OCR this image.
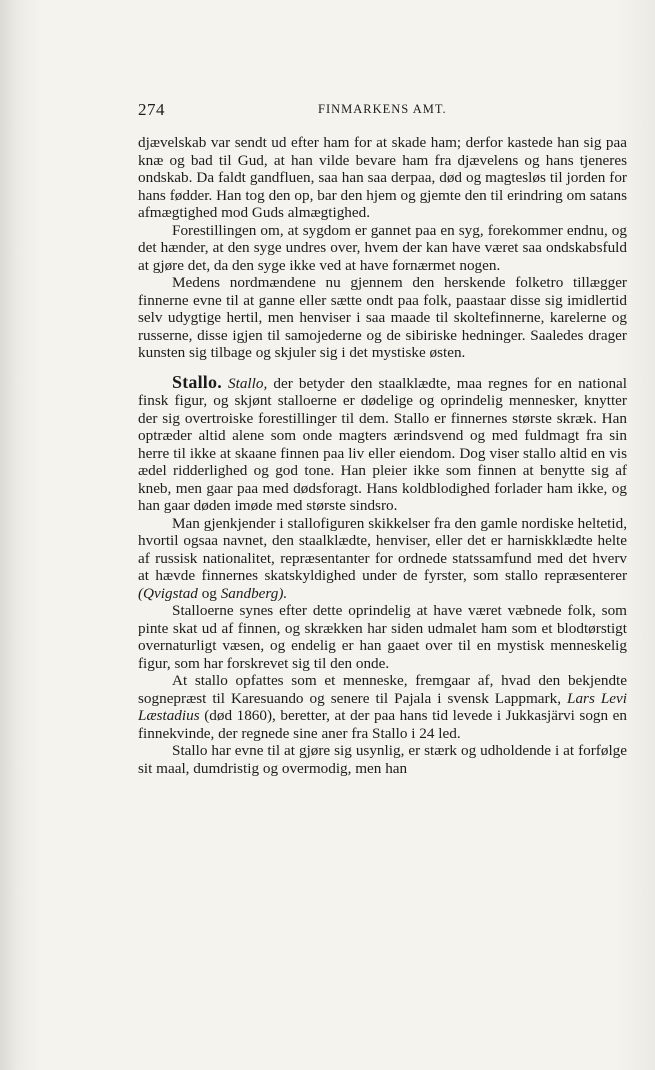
274	FINMARKENS AMT.

djævelskab var sendt ud efter ham for at skade ham; derfor kastede han sig paa knæ og bad til Gud, at han vilde bevare ham fra djævelens og hans tjeneres ondskab. Da faldt gandfluen, saa han saa derpaa, død og magtesløs til jorden for hans fødder. Han tog den op, bar den hjem og gjemte den til erindring om satans afmægtighed mod Guds almægtighed.

Forestillingen om, at sygdom er gannet paa en syg, forekommer endnu, og det hænder, at den syge undres over, hvem der kan have været saa ondskabsfuld at gjøre det, da den syge ikke ved at have fornærmet nogen.

Medens nordmændene nu gjennem den herskende folketro tillægger finnerne evne til at ganne eller sætte ondt paa folk, paastaar disse sig imidlertid selv udygtige hertil, men henviser i saa maade til skoltefinnerne, karelerne og russerne, disse igjen til samojederne og de sibiriske hedninger. Saaledes drager kunsten sig tilbage og skjuler sig i det mystiske østen.

Stallo. Stallo, der betyder den staalklædte, maa regnes for en national finsk figur, og skjønt stalloerne er dødelige og oprindelig mennesker, knytter der sig overtroiske forestillinger til dem. Stallo er finnernes største skræk. Han optræder altid alene som onde magters ærindsvend og med fuldmagt fra sin herre til ikke at skaane finnen paa liv eller eiendom. Dog viser stallo altid en vis ædel ridderlighed og god tone. Han pleier ikke som finnen at benytte sig af kneb, men gaar paa med dødsforagt. Hans koldblodighed forlader ham ikke, og han gaar døden imøde med største sindsro.

Man gjenkjender i stallofiguren skikkelser fra den gamle nordiske heltetid, hvortil ogsaa navnet, den staalklædte, henviser, eller det er harniskklædte helte af russisk nationalitet, repræsentanter for ordnede statssamfund med det hverv at hævde finnernes skatskyldighed under de fyrster, som stallo repræsenterer (Qvigstad og Sandberg).

Stalloerne synes efter dette oprindelig at have været væbnede folk, som pinte skat ud af finnen, og skrækken har siden udmalet ham som et blodtørstigt overnaturligt væsen, og endelig er han gaaet over til en mystisk menneskelig figur, som har forskrevet sig til den onde.

At stallo opfattes som et menneske, fremgaar af, hvad den bekjendte sognepræst til Karesuando og senere til Pajala i svensk Lappmark, Lars Levi Læstadius (død 1860), beretter, at der paa hans tid levede i Jukkasjärvi sogn en finnekvinde, der regnede sine aner fra Stallo i 24 led.

Stallo har evne til at gjøre sig usynlig, er stærk og udholdende i at forfølge sit maal, dumdristig og overmodig, men han
